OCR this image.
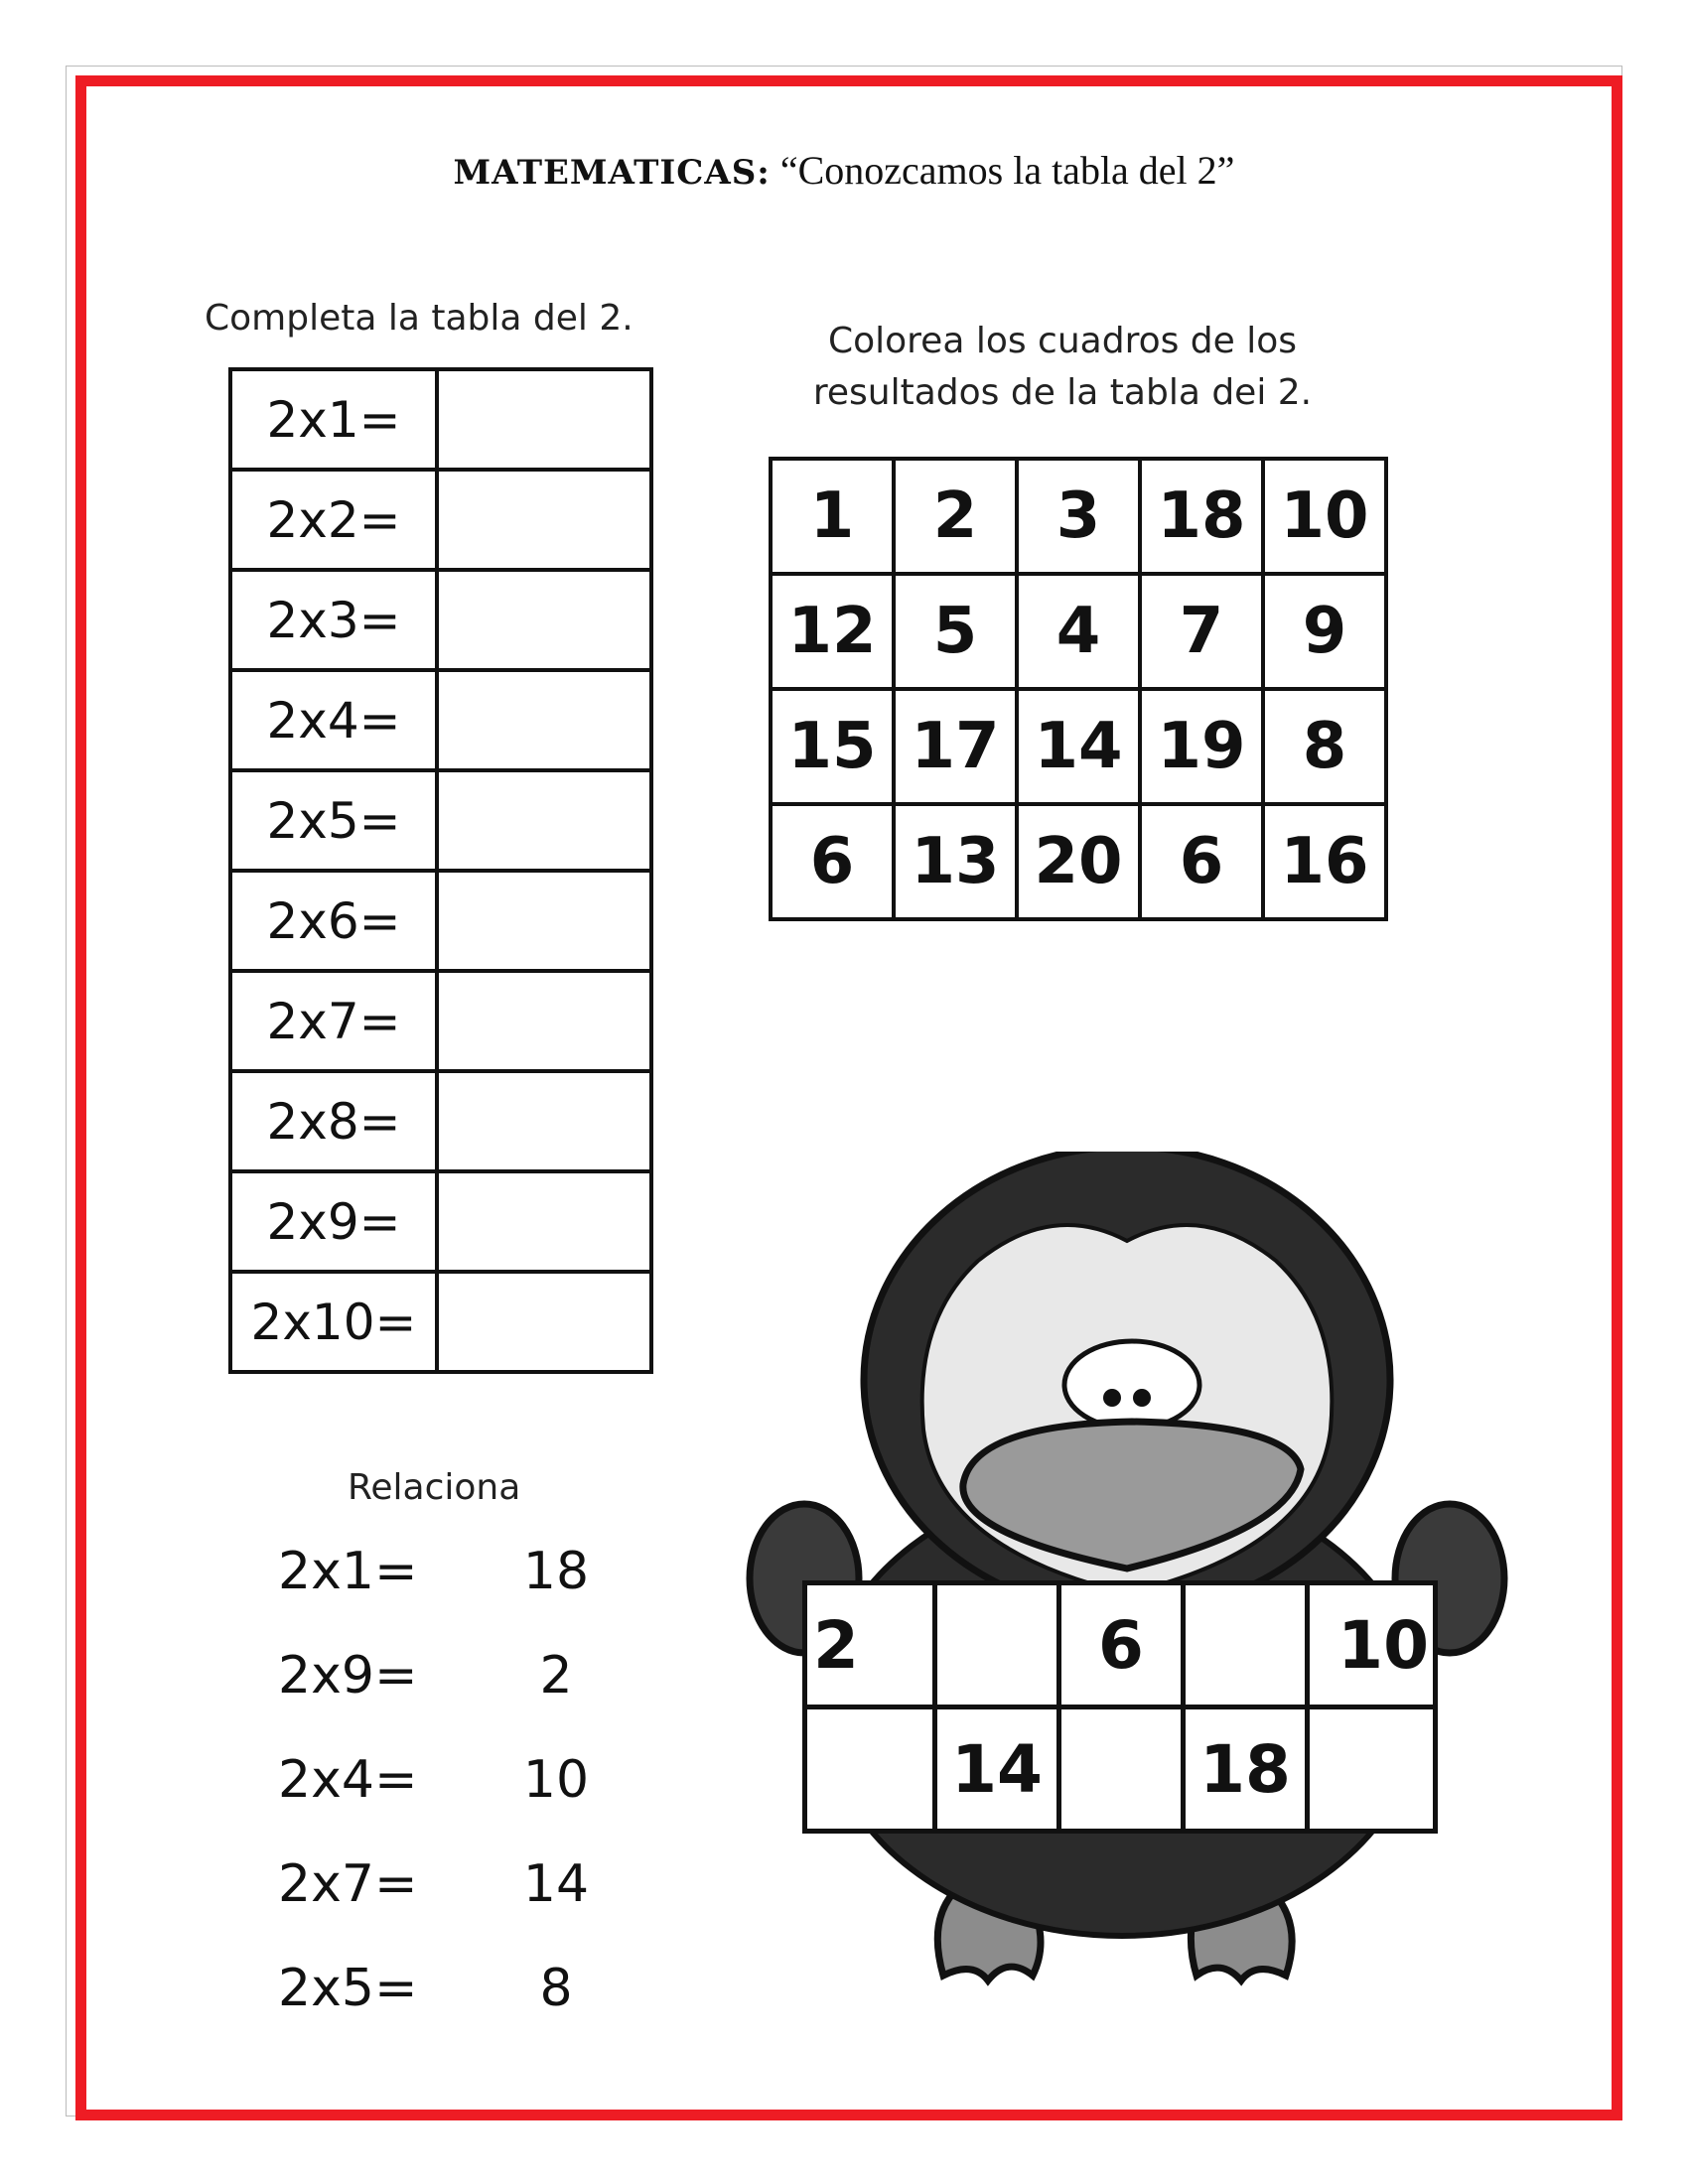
MATEMATICAS: “Conozcamos la tabla del 2”
Completa la tabla del 2.
2x1=	
2x2=	
2x3=	
2x4=	
2x5=	
2x6=	
2x7=	
2x8=	
2x9=	
2x10=	
Colorea los cuadros de los
resultados de la tabla dei 2.
1	2	3	18	10
12	5	4	7	9
15	17	14	19	8
6	13	20	6	16
Relaciona
2x1=	18
2x9=	2
2x4=	10
2x7=	14
2x5=	8
2		6		10
	14		18	
